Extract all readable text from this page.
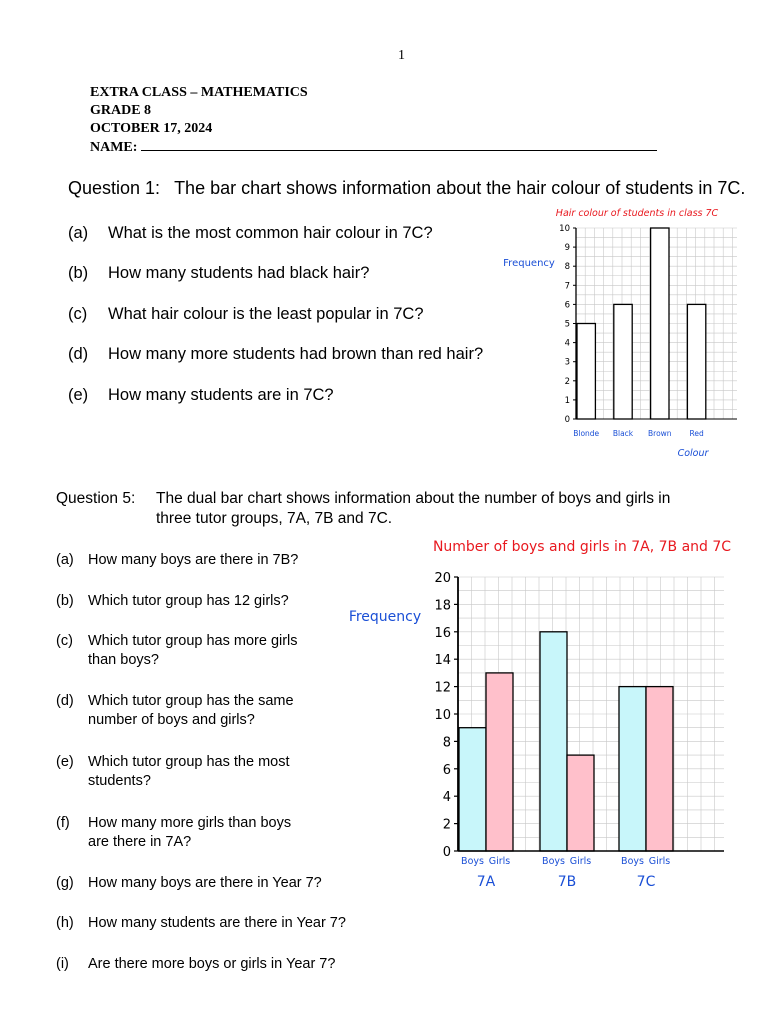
1
EXTRA CLASS – MATHEMATICS
GRADE 8
OCTOBER 17, 2024
NAME:
Question 1: The bar chart shows information about the hair colour of students in 7C.
(a) What is the most common hair colour in 7C?
(b) How many students had black hair?
(c) What hair colour is the least popular in 7C?
(d) How many more students had brown than red hair?
(e) How many students are in 7C?
Hair colour of students in class 7C
Frequency
Colour
0
1
2
3
4
5
6
7
8
9
10
Blonde Black Brown Red
Question 5: The dual bar chart shows information about the number of boys and girls in
three tutor groups, 7A, 7B and 7C.
(a) How many boys are there in 7B?
(b) Which tutor group has 12 girls?
(c) Which tutor group has more girls
than boys?
(d) Which tutor group has the same
number of boys and girls?
(e) Which tutor group has the most
students?
(f) How many more girls than boys
are there in 7A?
(g) How many boys are there in Year 7?
(h) How many students are there in Year 7?
(i) Are there more boys or girls in Year 7?
Number of boys and girls in 7A, 7B and 7C
Frequency
0
2
4
6
8
10
12
14
16
18
20
Boys Girls
7A
Boys Girls
7B
Boys Girls
7C
